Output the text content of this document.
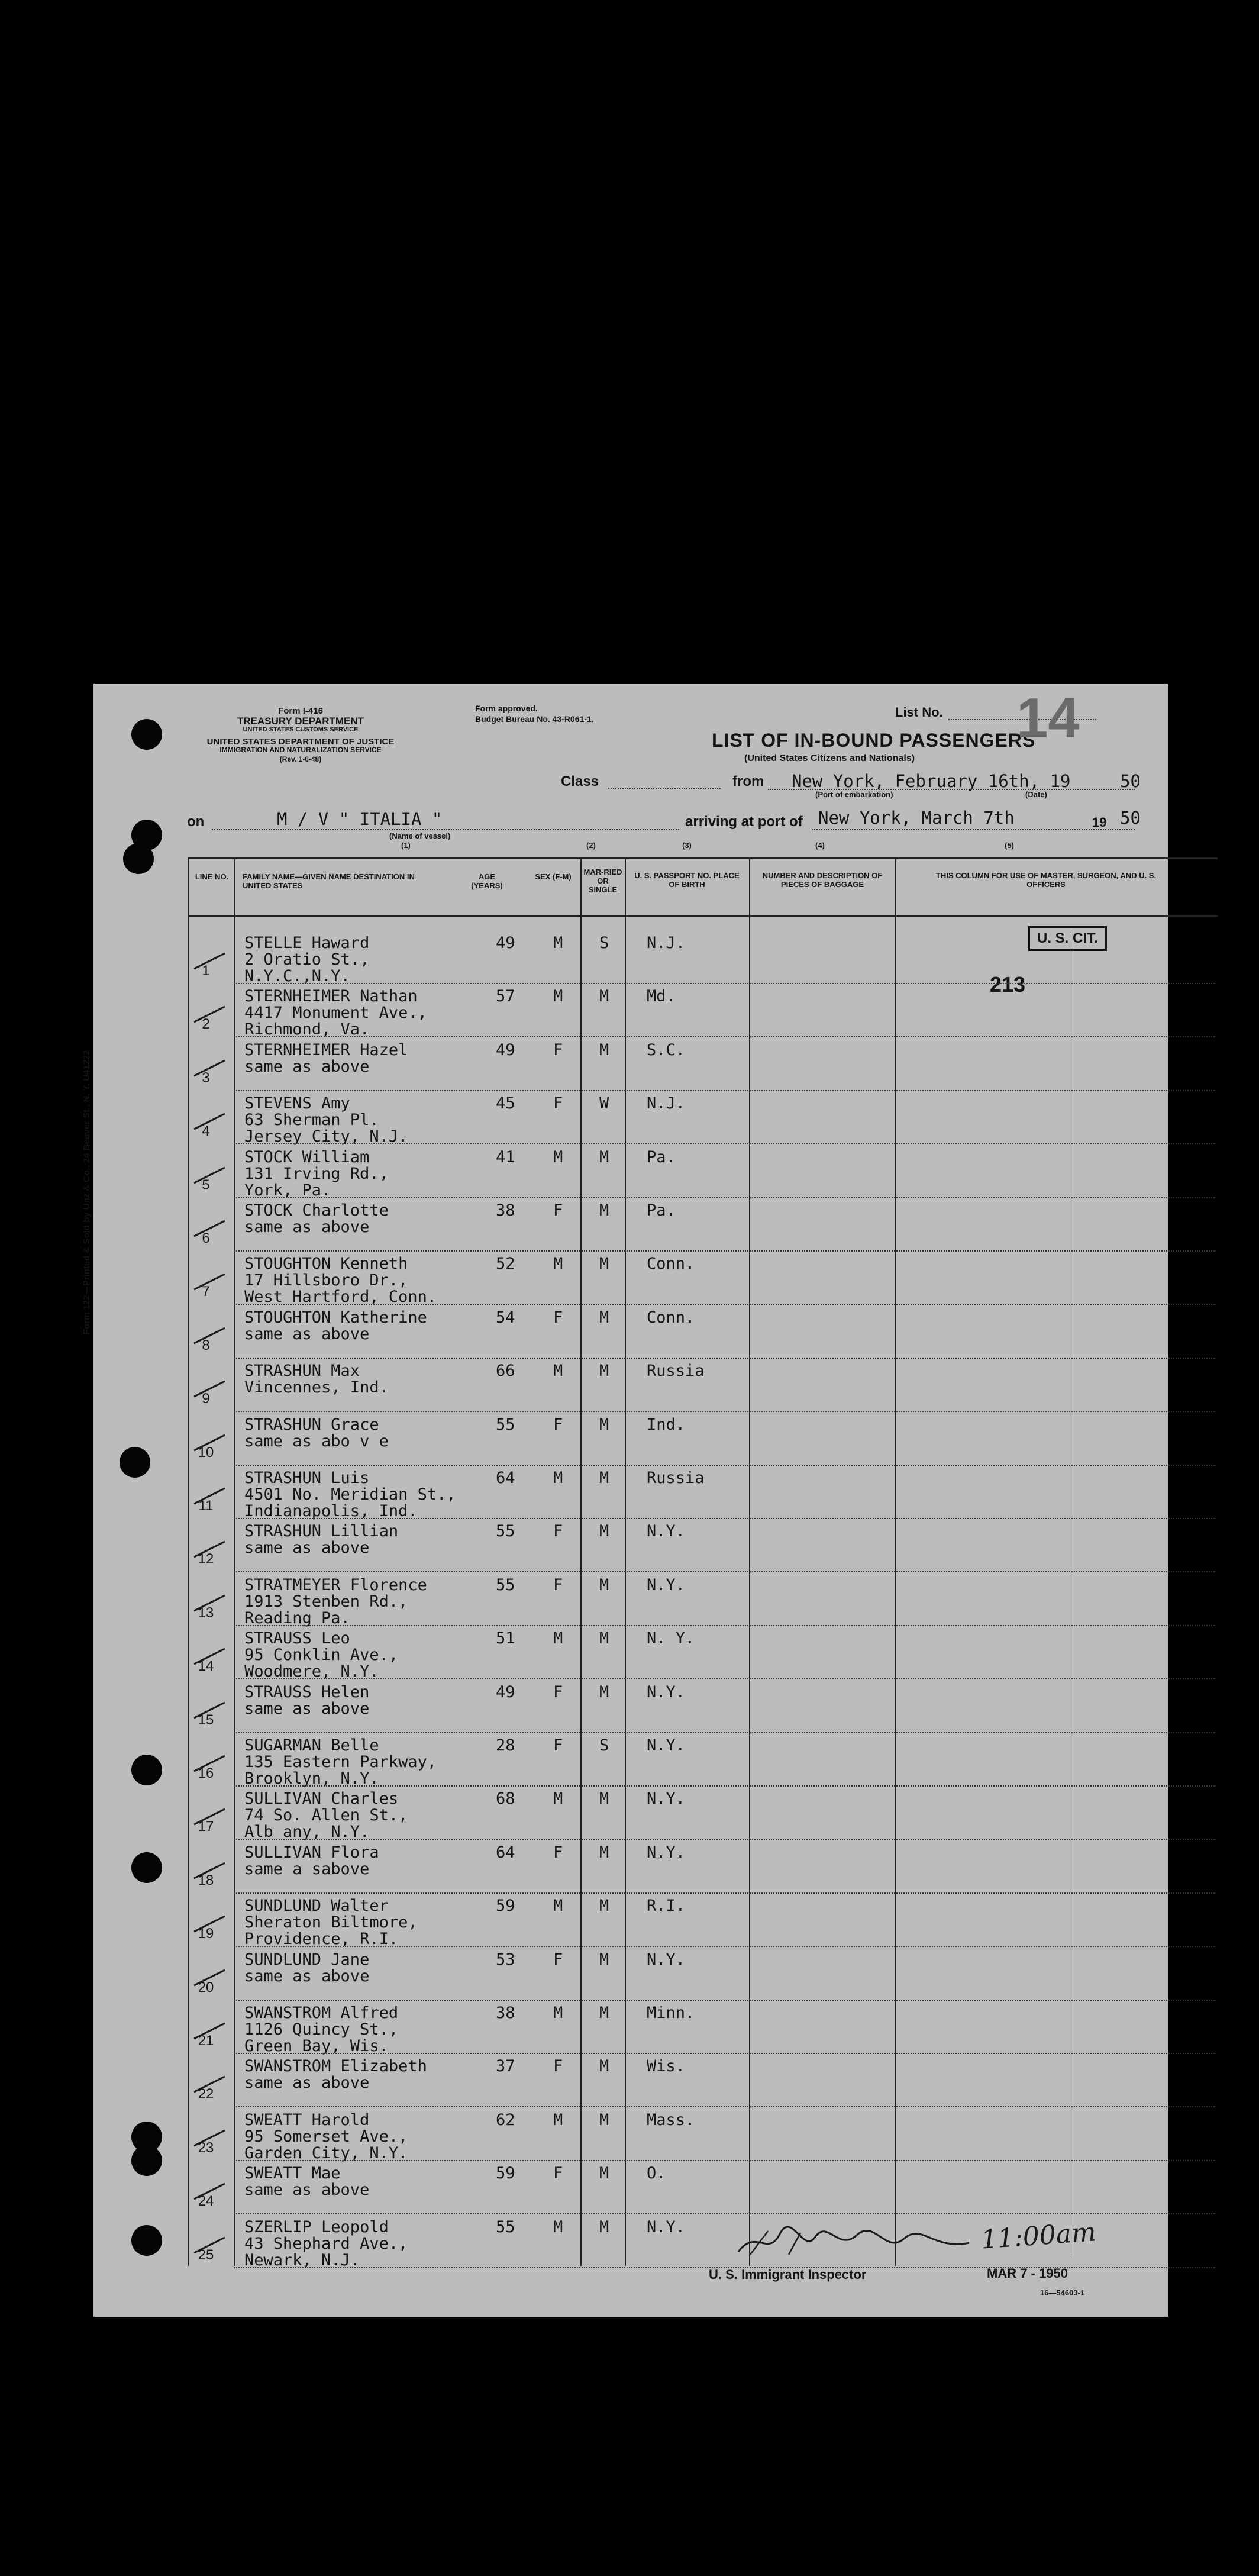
Form 122—Printed & Sold by Unz & Co., 24 Beaver St., N. Y. U41222
Form I-416
TREASURY DEPARTMENT
UNITED STATES CUSTOMS SERVICE
UNITED STATES DEPARTMENT OF JUSTICE
IMMIGRATION AND NATURALIZATION SERVICE
(Rev. 1-6-48)
Form approved.
Budget Bureau No. 43-R061-1.
LIST OF IN-BOUND PASSENGERS
(United States Citizens and Nationals)
List No. 14
Class	from New York, February 16th, 19	50
(Port of embarkation)	(Date)
on	M / V " ITALIA "
(Name of vessel)
(1)
arriving at port of New York, March 7th	19 50
(2)	(3)	(4)	(5)
LINE NO.	FAMILY NAME—GIVEN NAME DESTINATION IN UNITED STATES
AGE (YEARS)
SEX (F-M)
MAR-RIED OR SINGLE
U. S. PASSPORT NO. PLACE OF BIRTH
NUMBER AND DESCRIPTION OF PIECES OF BAGGAGE
THIS COLUMN FOR USE OF MASTER, SURGEON, AND U. S. OFFICERS
U. S. CIT.
213
1
STELLE Haward
2 Oratio St.,
N.Y.C.,N.Y.
49 M S N.J.
2
STERNHEIMER Nathan
4417 Monument Ave.,
Richmond, Va.
57 M M Md.
3
STERNHEIMER Hazel
same as above
49 F M S.C.
4
STEVENS Amy
63 Sherman Pl.
Jersey City, N.J.
45 F W N.J.
5
STOCK William
131 Irving Rd.,
York, Pa.
41 M M Pa.
6
STOCK Charlotte
same as above
38 F M Pa.
7
STOUGHTON Kenneth
17 Hillsboro Dr.,
West Hartford, Conn.
52 M M Conn.
8
STOUGHTON Katherine
same as above
54 F M Conn.
9
STRASHUN Max
Vincennes, Ind.
66 M M Russia
10
STRASHUN Grace
same as abo v e
55 F M Ind.
11
STRASHUN Luis
4501 No. Meridian St.,
Indianapolis, Ind.
64 M M Russia
12
STRASHUN Lillian
same as above
55 F M N.Y.
13
STRATMEYER Florence
1913 Stenben Rd.,
Reading Pa.
55 F M N.Y.
14
STRAUSS Leo
95 Conklin Ave.,
Woodmere, N.Y.
51 M M N. Y.
15
STRAUSS Helen
same as above
49 F M N.Y.
16
SUGARMAN Belle
135 Eastern Parkway,
Brooklyn, N.Y.
28 F S N.Y.
17
SULLIVAN Charles
74 So. Allen St.,
Alb any, N.Y.
68 M M N.Y.
18
SULLIVAN Flora
same a sabove
64 F M N.Y.
19
SUNDLUND Walter
Sheraton Biltmore,
Providence, R.I.
59 M M R.I.
20
SUNDLUND Jane
same as above
53 F M N.Y.
21
SWANSTROM Alfred
1126 Quincy St.,
Green Bay, Wis.
38 M M Minn.
22
SWANSTROM Elizabeth
same as above
37 F M Wis.
23
SWEATT Harold
95 Somerset Ave.,
Garden City, N.Y.
62 M M Mass.
24
SWEATT Mae
same as above
59 F M O.
25
SZERLIP Leopold
43 Shephard Ave.,
Newark, N.J.
55 M M N.Y.
U. S. Immigrant Inspector
11:00am
MAR 7 - 1950
16—54603-1
